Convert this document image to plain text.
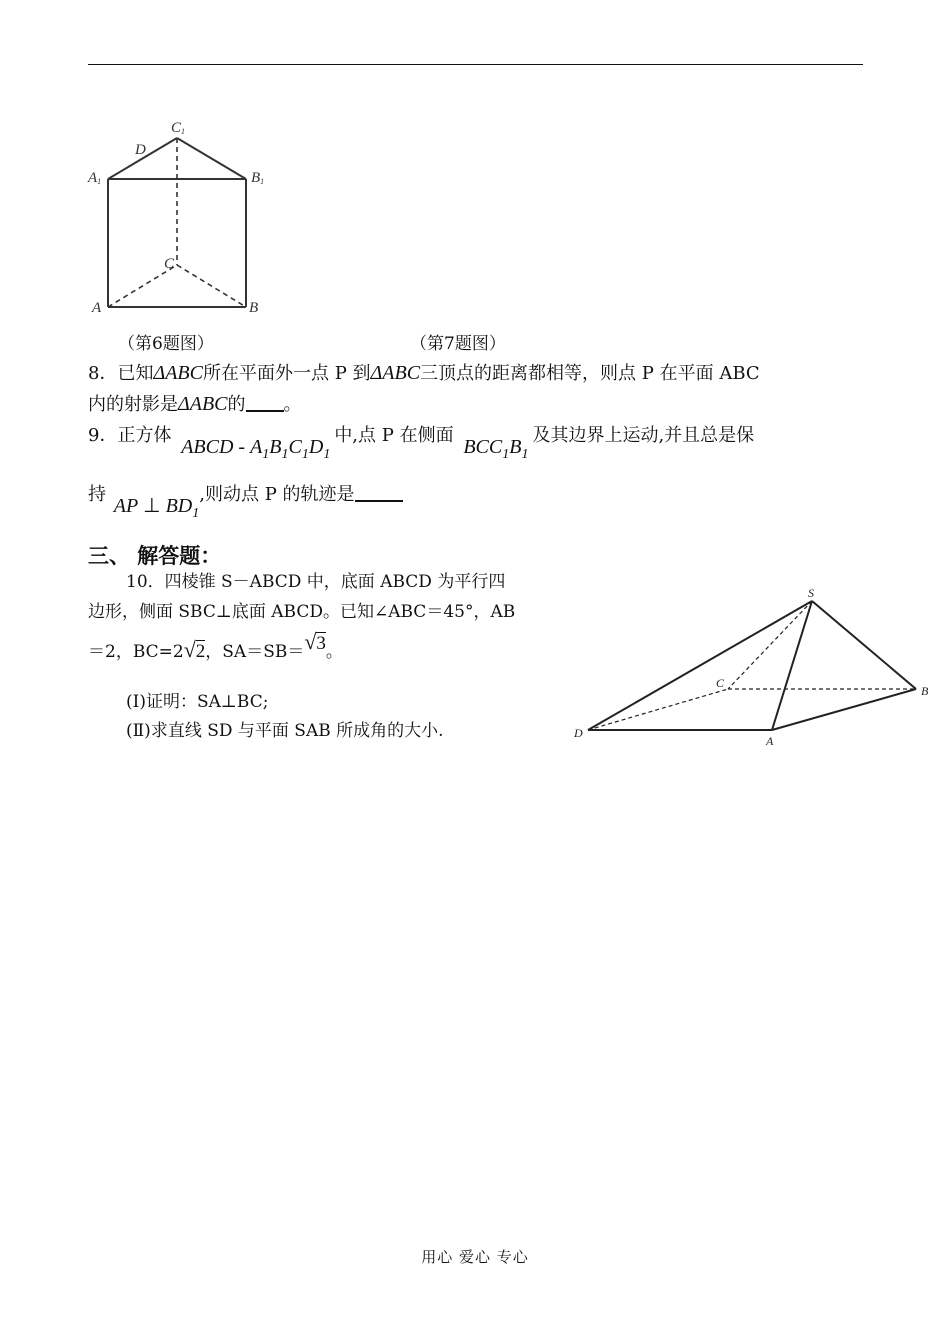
C1
D
A1	B1
C
A	B
（第6题图）	（第7题图）
8．已知ΔABC所在平面外一点 P 到ΔABC三顶点的距离都相等，则点 P 在平面 ABC
内的射影是ΔABC的 。
9．正方体 ABCD - $A_1B_1C_1D_1$中,点 P 在侧面 $BCC_1B_1$及其边界上运动,并且总是保
持 AP ⊥ $BD_1$,则动点 P 的轨迹是
三、 解答题：
10．四棱锥 S－ABCD 中，底面 ABCD 为平行四
边形，侧面 SBC⊥底面 ABCD。已知∠ABC＝45°，AB
＝2，BC=2√2，SA＝SB＝√3。
(Ⅰ)证明：SA⊥BC;
(Ⅱ)求直线 SD 与平面 SAB 所成角的大小.
S
C
B
D
A
用心 爱心 专心
